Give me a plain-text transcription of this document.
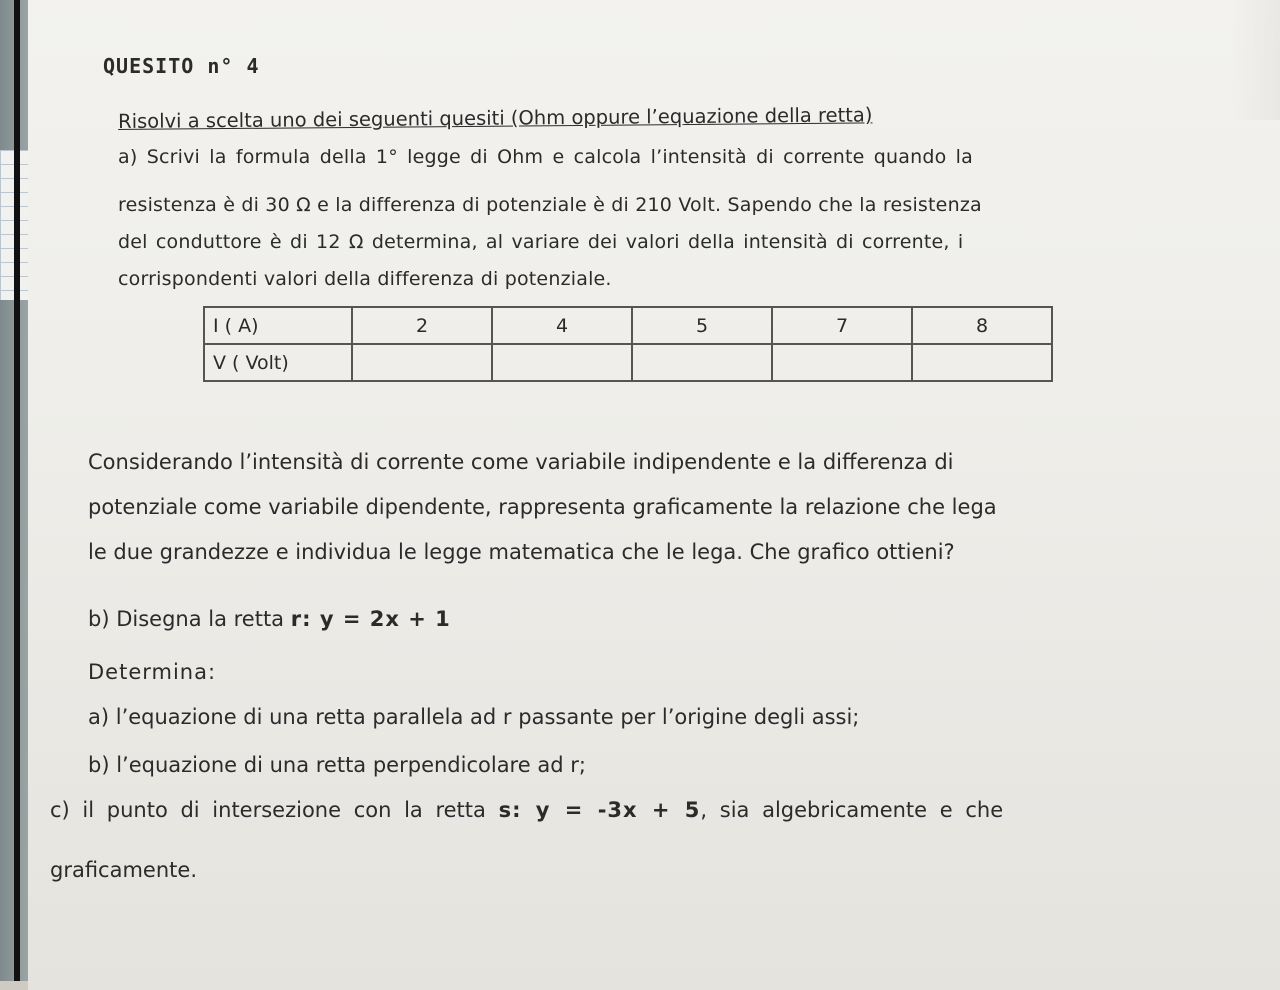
QUESITO n° 4
Risolvi a scelta uno dei seguenti quesiti (Ohm oppure l’equazione della retta)
a) Scrivi la formula della 1° legge di Ohm e calcola l’intensità di corrente quando la
resistenza è di 30 Ω e la differenza di potenziale è di 210 Volt. Sapendo che la resistenza
del conduttore è di 12 Ω determina, al variare dei valori della intensità di corrente, i
corrispondenti valori della differenza di potenziale.
I ( A)	2	4	5	7	8
V ( Volt)					
Considerando l’intensità di corrente come variabile indipendente e la differenza di
potenziale come variabile dipendente, rappresenta graficamente la relazione che lega
le due grandezze e individua le legge matematica che le lega. Che grafico ottieni?
b) Disegna la retta r: y = 2x + 1
Determina:
a) l’equazione di una retta parallela ad r passante per l’origine degli assi;
b) l’equazione di una retta perpendicolare ad r;
c) il punto di intersezione con la retta s: y = -3x + 5, sia algebricamente e che
graficamente.
